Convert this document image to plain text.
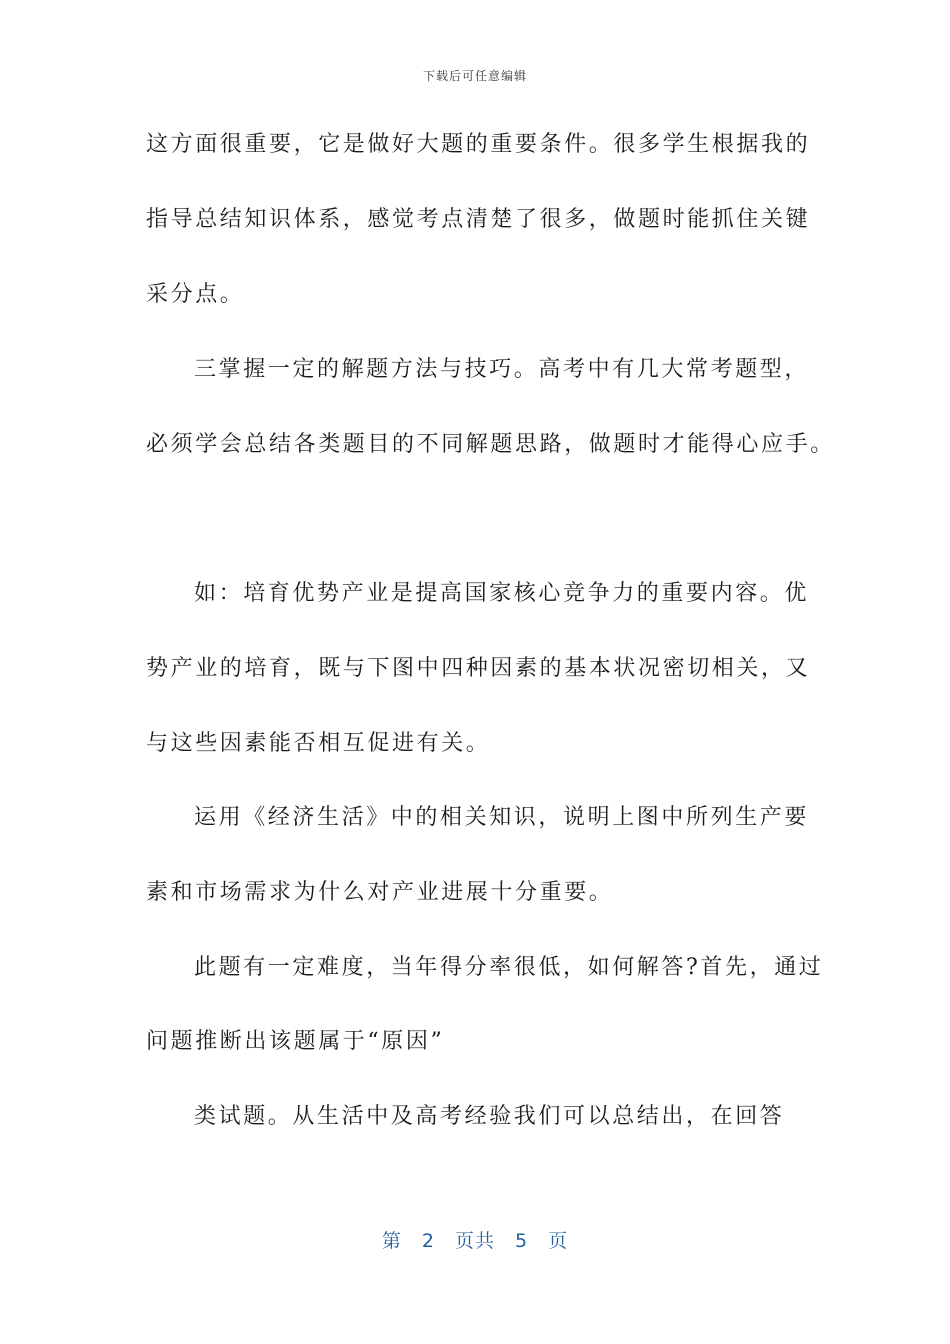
下载后可任意编辑
这方面很重要，它是做好大题的重要条件。很多学生根据我的
指导总结知识体系，感觉考点清楚了很多，做题时能抓住关键
采分点。
三掌握一定的解题方法与技巧。高考中有几大常考题型，
必须学会总结各类题目的不同解题思路，做题时才能得心应手。
如：培育优势产业是提高国家核心竞争力的重要内容。优
势产业的培育，既与下图中四种因素的基本状况密切相关，又
与这些因素能否相互促进有关。
运用《经济生活》中的相关知识，说明上图中所列生产要
素和市场需求为什么对产业进展十分重要。
此题有一定难度，当年得分率很低，如何解答?首先，通过
问题推断出该题属于“原因”
类试题。从生活中及高考经验我们可以总结出，在回答
第 2 页共 5 页
